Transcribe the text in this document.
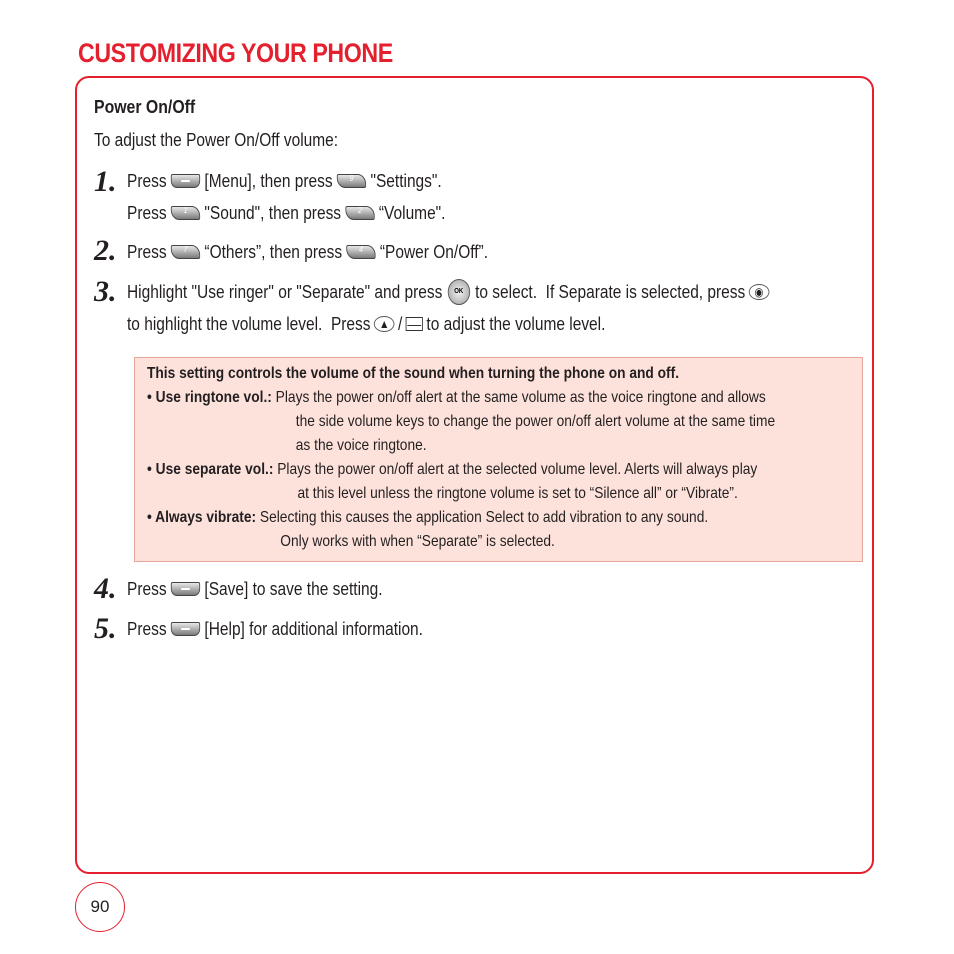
CUSTOMIZING YOUR PHONE
Power On/Off
To adjust the Power On/Off volume:
1. Press [Menu], then press	9 "Settings".
Press	1 "Sound", then press	2 “Volume".
2. Press	7 “Others”, then press	4 “Power On/Off”.
3. Highlight "Use ringer" or "Separate" and press OK to select.  If Separate is selected, press ◉
to highlight the volume level.  Press ▲ / to adjust the volume level.
This setting controls the volume of the sound when turning the phone on and off.
• Use ringtone vol.: Plays the power on/off alert at the same volume as the voice ringtone and allows
the side volume keys to change the power on/off alert volume at the same time
as the voice ringtone.
• Use separate vol.: Plays the power on/off alert at the selected volume level. Alerts will always play
at this level unless the ringtone volume is set to “Silence all” or “Vibrate”.
• Always vibrate: Selecting this causes the application Select to add vibration to any sound.
Only works with when “Separate” is selected.
4. Press [Save] to save the setting.
5. Press [Help] for additional information.
90
